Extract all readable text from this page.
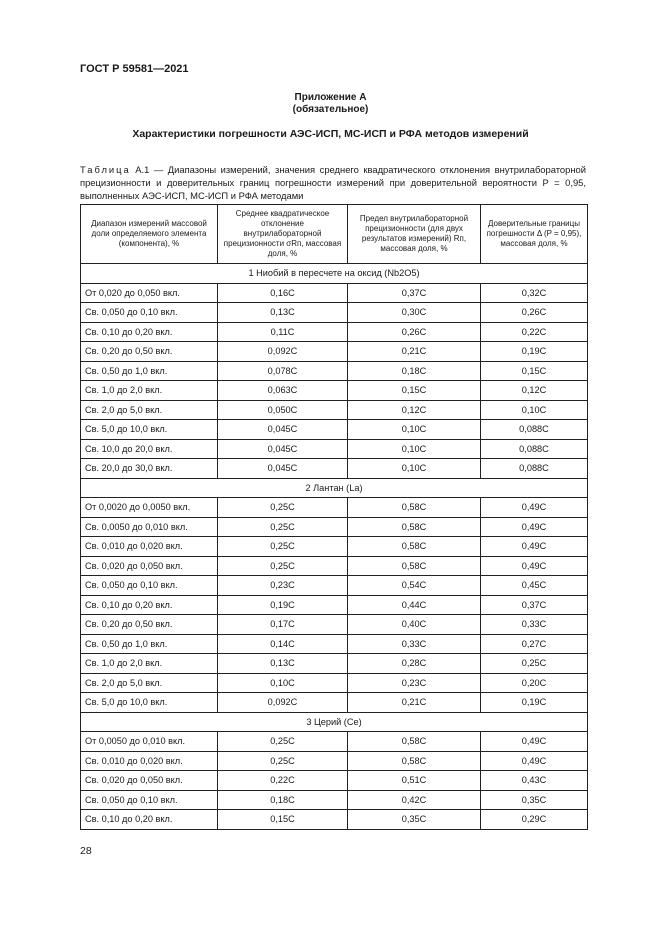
ГОСТ Р 59581—2021
Приложение А
(обязательное)
Характеристики погрешности АЭС-ИСП, МС-ИСП и РФА методов измерений
Таблица А.1 — Диапазоны измерений, значения среднего квадратического отклонения внутрилабораторной прецизионности и доверительных границ погрешности измерений при доверительной вероятности P = 0,95, выполненных АЭС-ИСП, МС-ИСП и РФА методами
Диапазон измерений массовой доли определяемого элемента (компонента), %	Среднее квадратическое отклонение внутрилабораторной прецизионности σRп, массовая доля, %	Предел внутрилабораторной прецизионности (для двух результатов измерений) Rп, массовая доля, %	Доверительные границы погрешности Δ (P = 0,95), массовая доля, %
1 Ниобий в пересчете на оксид (Nb2O5)			
От 0,020 до 0,050 вкл.	0,16С	0,37С	0,32С
Св. 0,050 до 0,10 вкл.	0,13С	0,30С	0,26С
Св. 0,10 до 0,20 вкл.	0,11С	0,26С	0,22С
Св. 0,20 до 0,50 вкл.	0,092С	0,21С	0,19С
Св. 0,50 до 1,0 вкл.	0,078С	0,18С	0,15С
Св. 1,0 до 2,0 вкл.	0,063С	0,15С	0,12С
Св. 2,0 до 5,0 вкл.	0,050С	0,12С	0,10С
Св. 5,0 до 10,0 вкл.	0,045С	0,10С	0,088С
Св. 10,0 до 20,0 вкл.	0,045С	0,10С	0,088С
Св. 20,0 до 30,0 вкл.	0,045С	0,10С	0,088С
2 Лантан (La)			
От 0,0020 до 0,0050 вкл.	0,25С	0,58С	0,49С
Св. 0,0050 до 0,010 вкл.	0,25С	0,58С	0,49С
Св. 0,010 до 0,020 вкл.	0,25С	0,58С	0,49С
Св. 0,020 до 0,050 вкл.	0,25С	0,58С	0,49С
Св. 0,050 до 0,10 вкл.	0,23С	0,54С	0,45С
Св. 0,10 до 0,20 вкл.	0,19С	0,44С	0,37С
Св. 0,20 до 0,50 вкл.	0,17С	0,40С	0,33С
Св. 0,50 до 1,0 вкл.	0,14С	0,33С	0,27С
Св. 1,0 до 2,0 вкл.	0,13С	0,28С	0,25С
Св. 2,0 до 5,0 вкл.	0,10С	0,23С	0,20С
Св. 5,0 до 10,0 вкл.	0,092С	0,21С	0,19С
3 Церий (Се)			
От 0,0050 до 0,010 вкл.	0,25С	0,58С	0,49С
Св. 0,010 до 0,020 вкл.	0,25С	0,58С	0,49С
Св. 0,020 до 0,050 вкл.	0,22С	0,51С	0,43С
Св. 0,050 до 0,10 вкл.	0,18С	0,42С	0,35С
Св. 0,10 до 0,20 вкл.	0,15С	0,35С	0,29С
28
